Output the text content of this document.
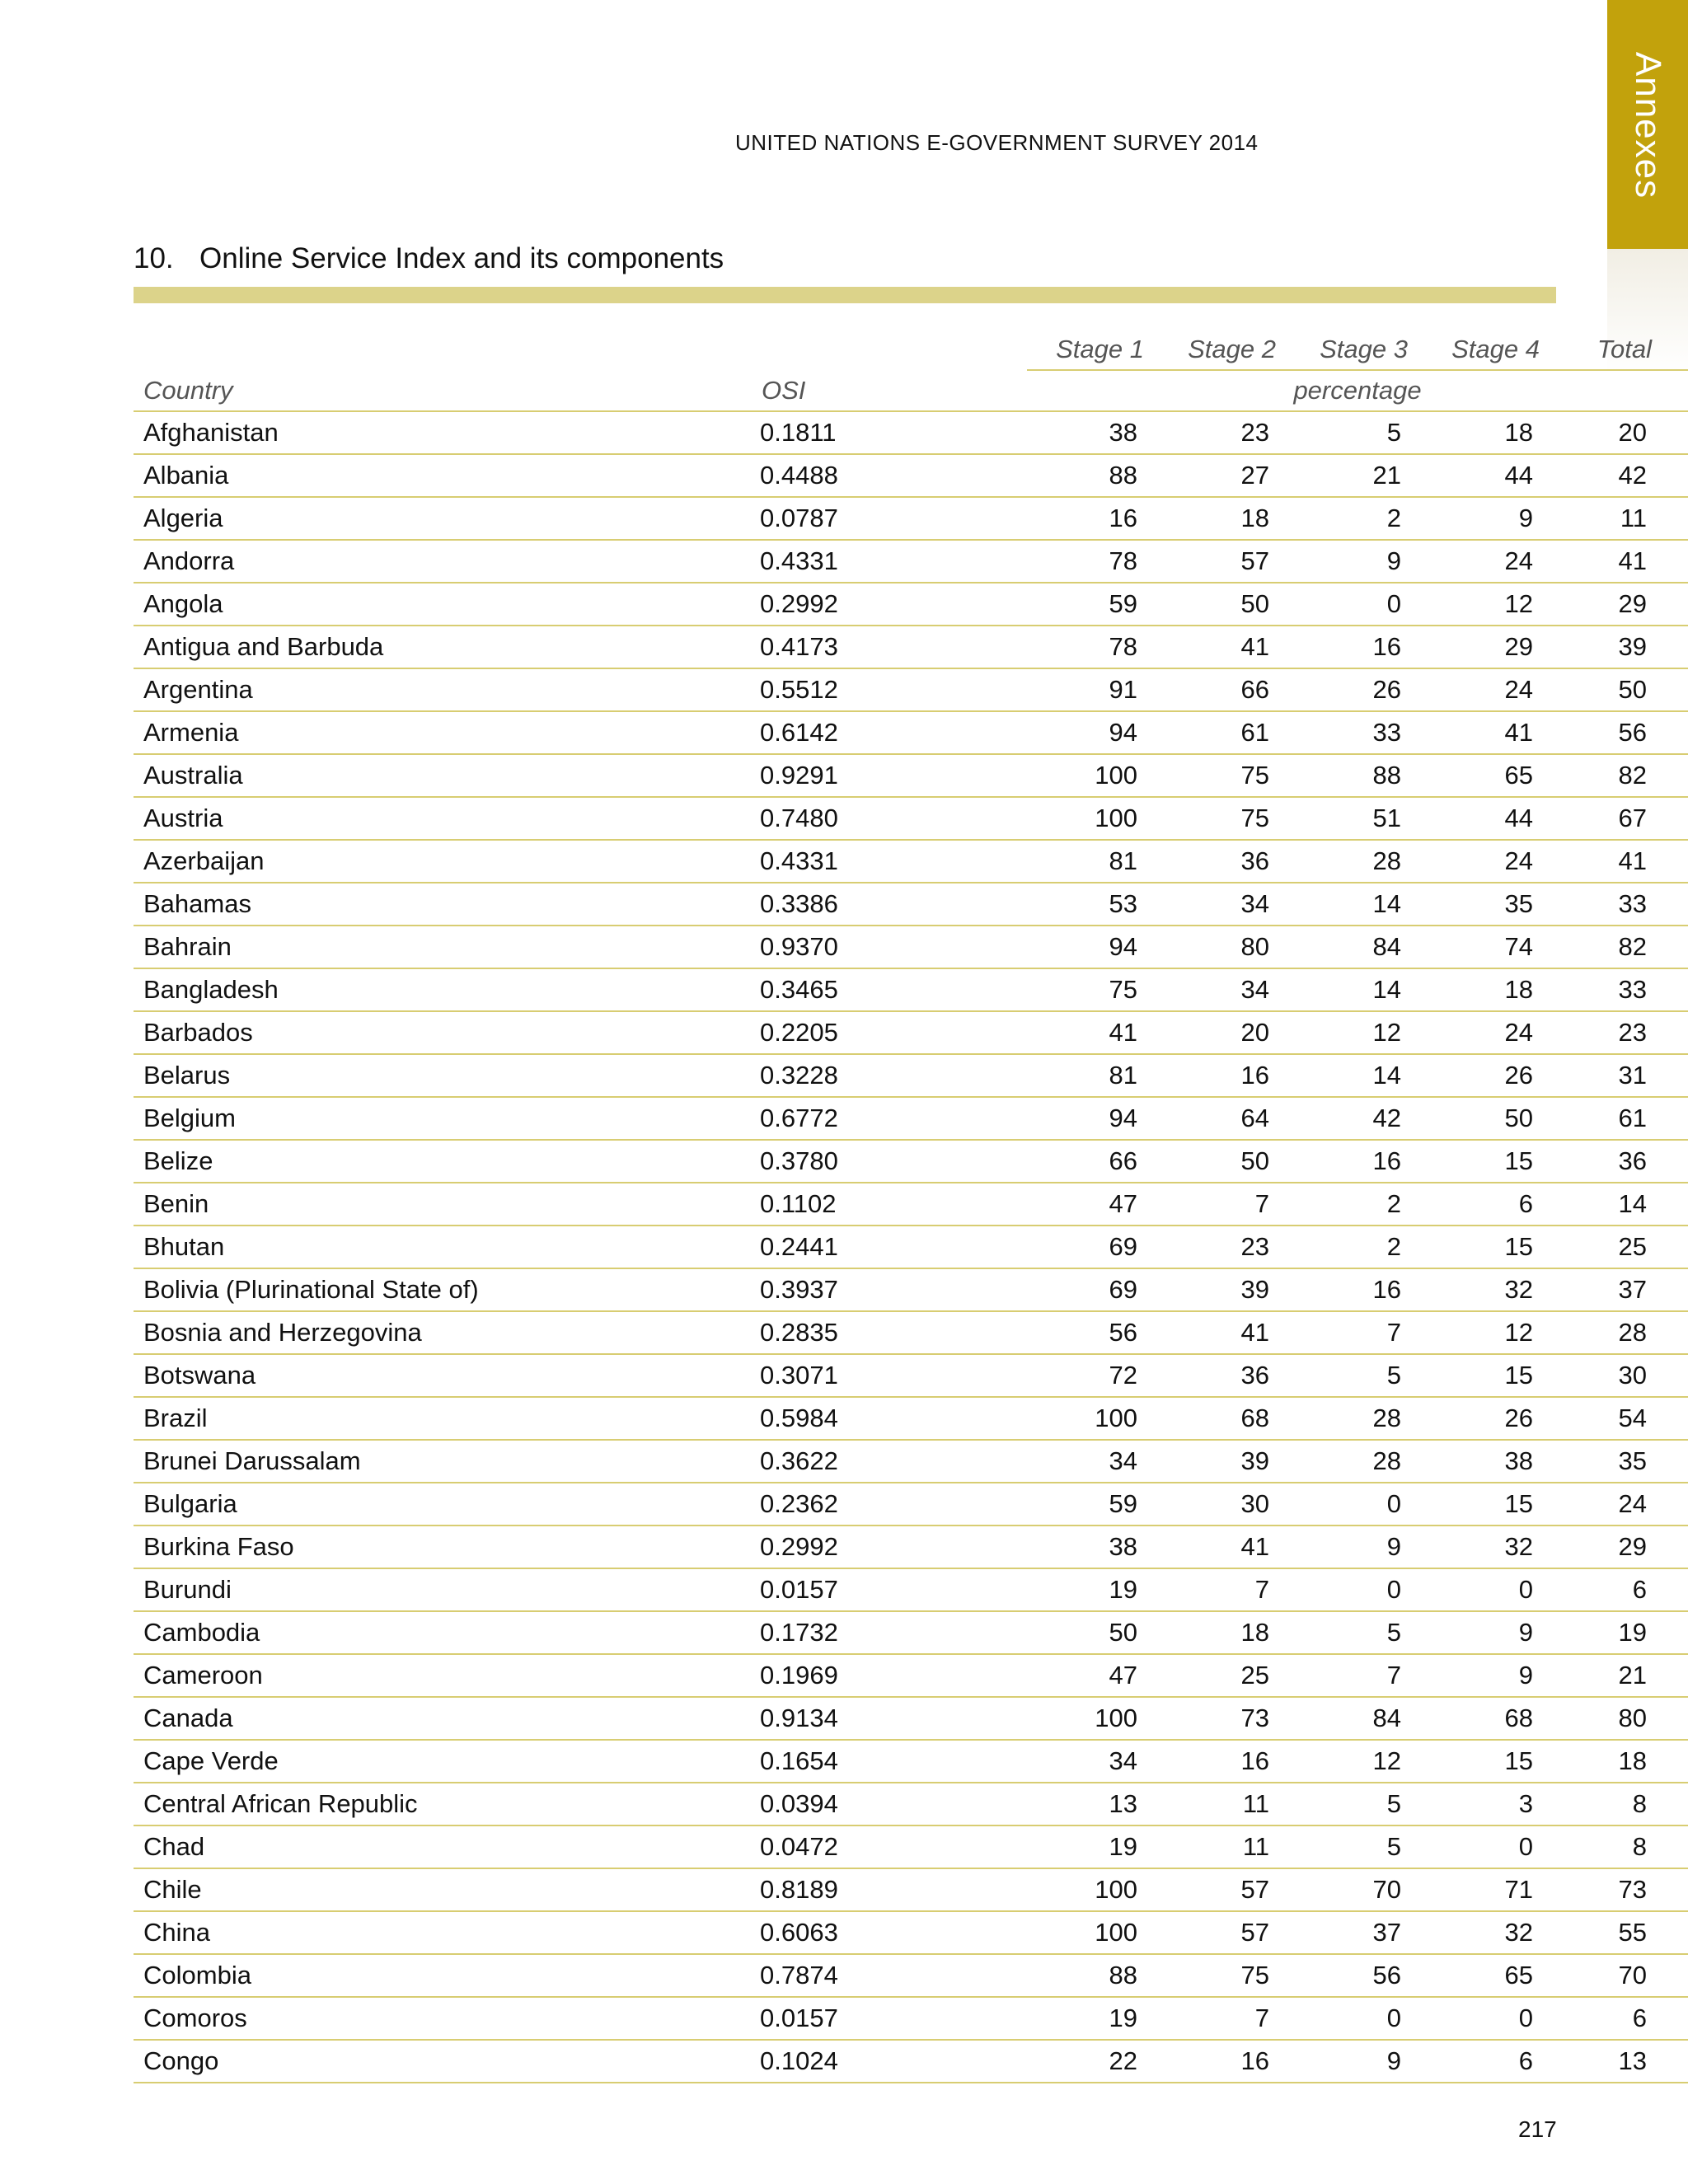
Annexes
UNITED NATIONS E-GOVERNMENT SURVEY 2014
10. Online Service Index and its components
		Stage 1	Stage 2	Stage 3	Stage 4	Total
Country	OSI	percentage				
Afghanistan	0.1811	38	23	5	18	20
Albania	0.4488	88	27	21	44	42
Algeria	0.0787	16	18	2	9	11
Andorra	0.4331	78	57	9	24	41
Angola	0.2992	59	50	0	12	29
Antigua and Barbuda	0.4173	78	41	16	29	39
Argentina	0.5512	91	66	26	24	50
Armenia	0.6142	94	61	33	41	56
Australia	0.9291	100	75	88	65	82
Austria	0.7480	100	75	51	44	67
Azerbaijan	0.4331	81	36	28	24	41
Bahamas	0.3386	53	34	14	35	33
Bahrain	0.9370	94	80	84	74	82
Bangladesh	0.3465	75	34	14	18	33
Barbados	0.2205	41	20	12	24	23
Belarus	0.3228	81	16	14	26	31
Belgium	0.6772	94	64	42	50	61
Belize	0.3780	66	50	16	15	36
Benin	0.1102	47	7	2	6	14
Bhutan	0.2441	69	23	2	15	25
Bolivia (Plurinational State of)	0.3937	69	39	16	32	37
Bosnia and Herzegovina	0.2835	56	41	7	12	28
Botswana	0.3071	72	36	5	15	30
Brazil	0.5984	100	68	28	26	54
Brunei Darussalam	0.3622	34	39	28	38	35
Bulgaria	0.2362	59	30	0	15	24
Burkina Faso	0.2992	38	41	9	32	29
Burundi	0.0157	19	7	0	0	6
Cambodia	0.1732	50	18	5	9	19
Cameroon	0.1969	47	25	7	9	21
Canada	0.9134	100	73	84	68	80
Cape Verde	0.1654	34	16	12	15	18
Central African Republic	0.0394	13	11	5	3	8
Chad	0.0472	19	11	5	0	8
Chile	0.8189	100	57	70	71	73
China	0.6063	100	57	37	32	55
Colombia	0.7874	88	75	56	65	70
Comoros	0.0157	19	7	0	0	6
Congo	0.1024	22	16	9	6	13
217
